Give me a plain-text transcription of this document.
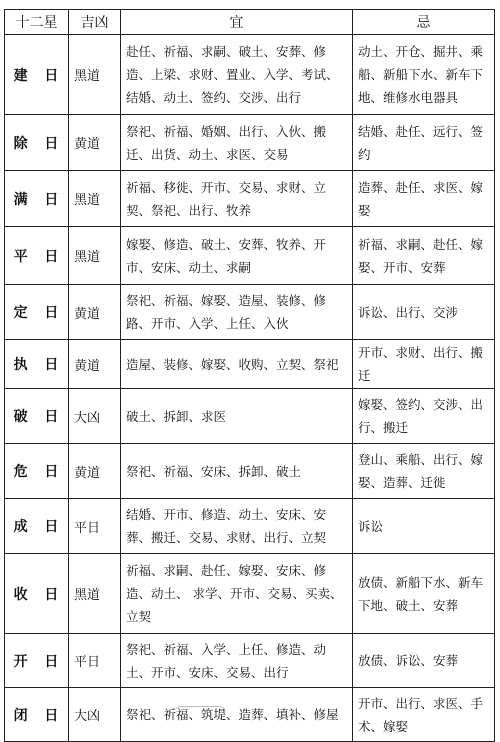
十二星	吉凶	宜	忌
建 日	黑道	赴任、祈福、求嗣、破土、安葬、修造、上梁、求财、置业、入学、考试、结婚、动土、签约、交涉、出行	动土、开仓、掘井、乘船、新船下水、新车下地、维修水电器具
除 日	黄道	祭祀、祈福、婚姻、出行、入伙、搬迁、出货、动土、求医、交易	结婚、赴任、远行、签约
满 日	黑道	祈福、移徙、开市、交易、求财、立契、祭祀、出行、牧养	造葬、赴任、求医、嫁娶
平 日	黑道	嫁娶、修造、破土、安葬、牧养、开市、安床、动土、求嗣	祈福、求嗣、赴任、嫁娶、开市、安葬
定 日	黄道	祭祀、祈福、嫁娶、造屋、装修、修路、开市、入学、上任、入伙	诉讼、出行、交涉
执 日	黄道	造屋、装修、嫁娶、收购、立契、祭祀	开市、求财、出行、搬迁
破 日	大凶	破土、拆卸、求医	嫁娶、签约、交涉、出行、搬迁
危 日	黄道	祭祀、祈福、安床、拆卸、破土	登山、乘船、出行、嫁娶、造葬、迁徙
成 日	平日	结婚、开市、修造、动土、安床、安葬、搬迁、交易、求财、出行、立契	诉讼
收 日	黑道	祈福、求嗣、赴任、嫁娶、安床、修造、动土、 求学、开市、交易、买卖、立契	放债、新船下水、新车下地、破土、安葬
开 日	平日	祭祀、祈福、入学、上任、修造、动土、开市、安床、交易、出行	放债、诉讼、安葬
闭 日	大凶	祭祀、祈福、筑堤、造葬、填补、修屋	开市、出行、求医、手术、嫁娶
